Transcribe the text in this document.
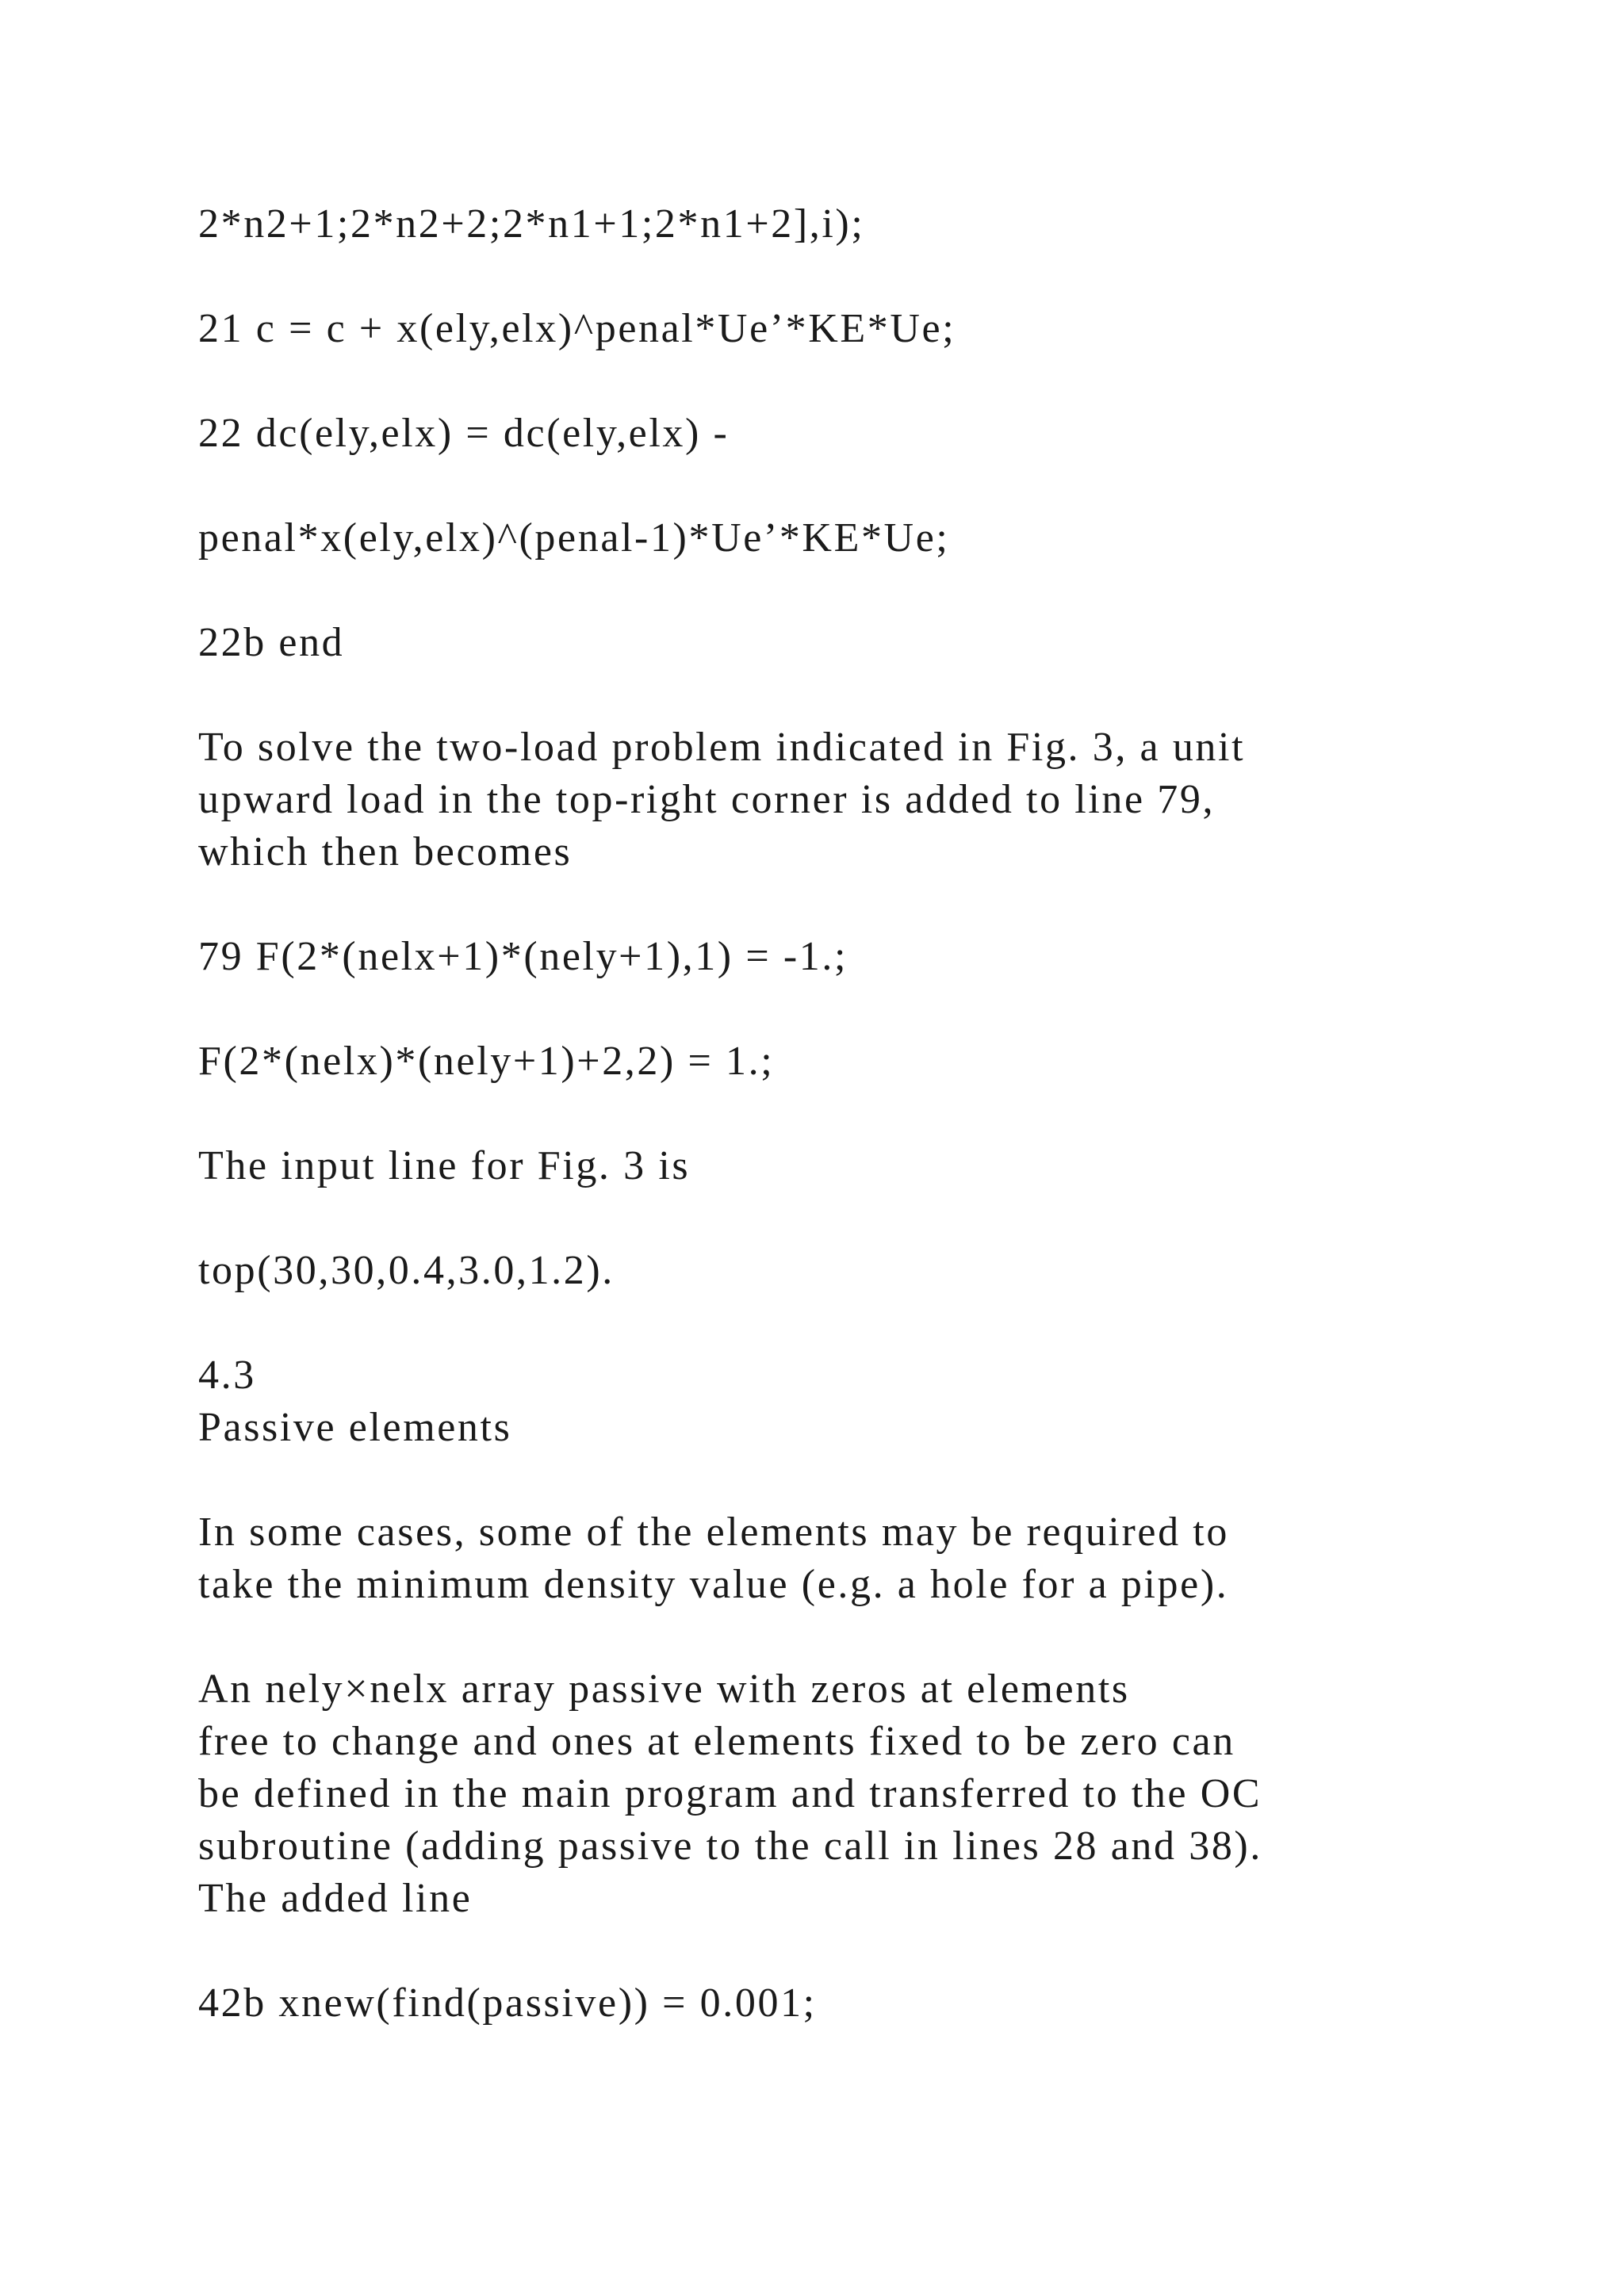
2*n2+1;2*n2+2;2*n1+1;2*n1+2],i);

21 c = c + x(ely,elx)^penal*Ue’*KE*Ue;

22 dc(ely,elx) = dc(ely,elx) -

penal*x(ely,elx)^(penal-1)*Ue’*KE*Ue;

22b end

To solve the two-load problem indicated in Fig. 3, a unit

upward load in the top-right corner is added to line 79,

which then becomes

79 F(2*(nelx+1)*(nely+1),1) = -1.;

F(2*(nelx)*(nely+1)+2,2) = 1.;

The input line for Fig. 3 is

top(30,30,0.4,3.0,1.2).

4.3

Passive elements

In some cases, some of the elements may be required to

take the minimum density value (e.g. a hole for a pipe).

An nely×nelx array passive with zeros at elements

free to change and ones at elements fixed to be zero can

be defined in the main program and transferred to the OC

subroutine (adding passive to the call in lines 28 and 38).

The added line

42b xnew(find(passive)) = 0.001;
